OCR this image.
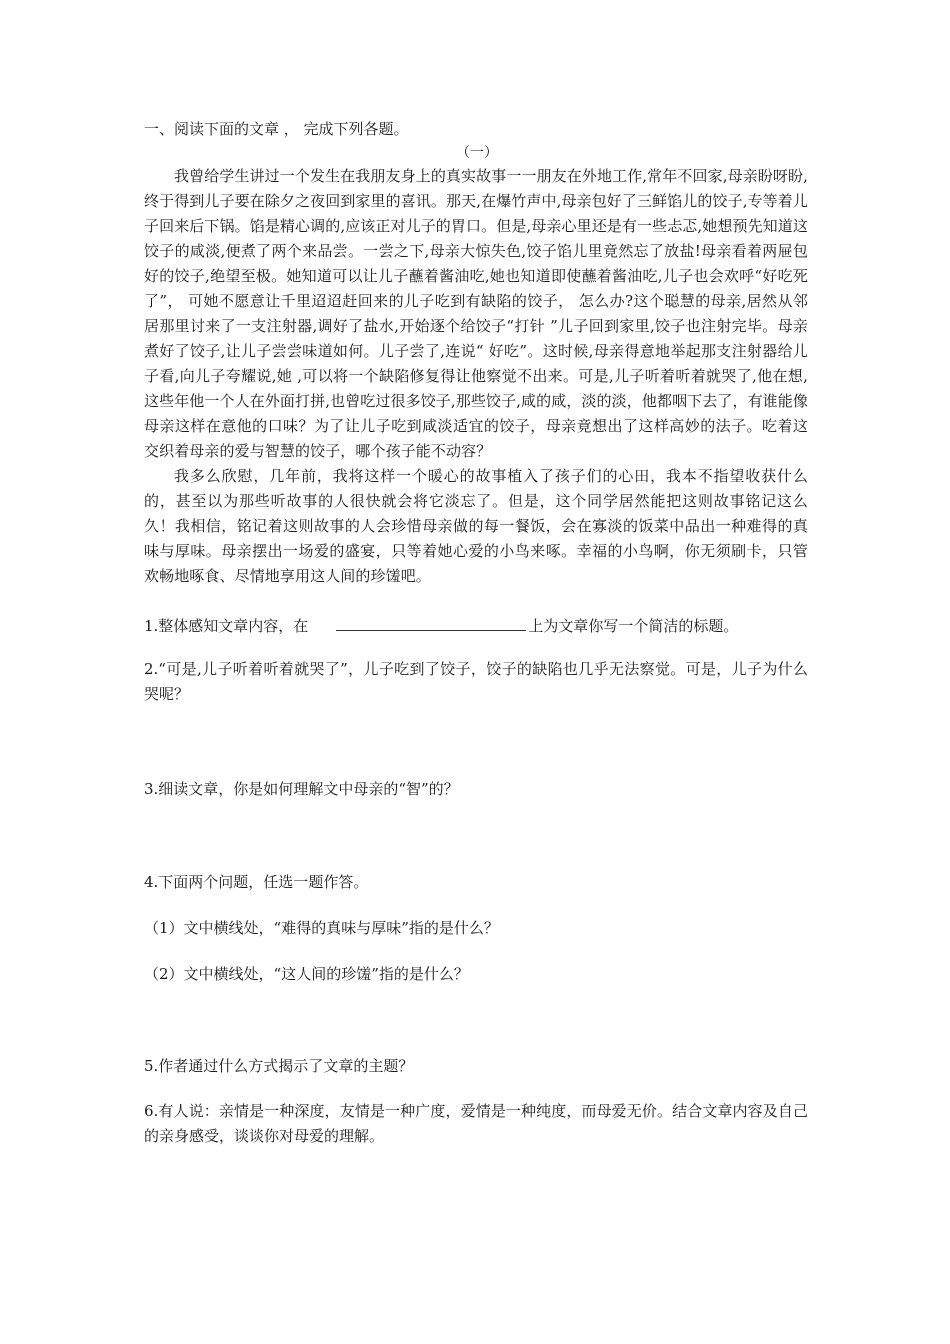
一、阅读下面的文章 ， 完成下列各题。

（一）

我曾给学生讲过一个发生在我朋友身上的真实故事一一朋友在外地工作,常年不回家,母亲盼呀盼,终于得到儿子要在除夕之夜回到家里的喜讯。那天,在爆竹声中,母亲包好了三鲜馅儿的饺子,专等着儿子回来后下锅。馅是精心调的,应该正对儿子的胃口。但是,母亲心里还是有一些忐忑,她想预先知道这饺子的咸淡,便煮了两个来品尝。一尝之下,母亲大惊失色,饺子馅儿里竟然忘了放盐!母亲看着两屉包好的饺子,绝望至极。她知道可以让儿子蘸着酱油吃,她也知道即使蘸着酱油吃,儿子也会欢呼“好吃死了”， 可她不愿意让千里迢迢赶回来的儿子吃到有缺陷的饺子， 怎么办?这个聪慧的母亲,居然从邻居那里讨来了一支注射器,调好了盐水,开始逐个给饺子“打针 ”儿子回到家里,饺子也注射完毕。母亲煮好了饺子,让儿子尝尝味道如何。儿子尝了,连说“ 好吃”。这时候,母亲得意地举起那支注射器给儿子看,向儿子夸耀说,她 ,可以将一个缺陷修复得让他察觉不出来。可是,儿子听着听着就哭了,他在想,这些年他一个人在外面打拼,也曾吃过很多饺子,那些饺子,咸的咸，淡的淡，他都咽下去了，有谁能像母亲这样在意他的口味？为了让儿子吃到咸淡适宜的饺子，母亲竟想出了这样高妙的法子。吃着这交织着母亲的爱与智慧的饺子，哪个孩子能不动容？

我多么欣慰，几年前，我将这样一个暖心的故事植入了孩子们的心田，我本不指望收获什么的，甚至以为那些听故事的人很快就会将它淡忘了。但是，这个同学居然能把这则故事铭记这么久！我相信，铭记着这则故事的人会珍惜母亲做的每一餐饭，会在寡淡的饭菜中品出一种难得的真味与厚味。母亲摆出一场爱的盛宴，只等着她心爱的小鸟来啄。幸福的小鸟啊，你无须刷卡，只管欢畅地啄食、尽情地享用这人间的珍馐吧。

1.整体感知文章内容，在	上为文章你写一个简洁的标题。

2.“可是,儿子听着听着就哭了”，儿子吃到了饺子，饺子的缺陷也几乎无法察觉。可是，儿子为什么哭呢？

3.细读文章，你是如何理解文中母亲的“智”的？

4.下面两个问题，任选一题作答。

（1）文中横线处，“难得的真味与厚味”指的是什么？

（2）文中横线处，“这人间的珍馐”指的是什么？

5.作者通过什么方式揭示了文章的主题？

6.有人说：亲情是一种深度，友情是一种广度，爱情是一种纯度，而母爱无价。结合文章内容及自己的亲身感受，谈谈你对母爱的理解。
